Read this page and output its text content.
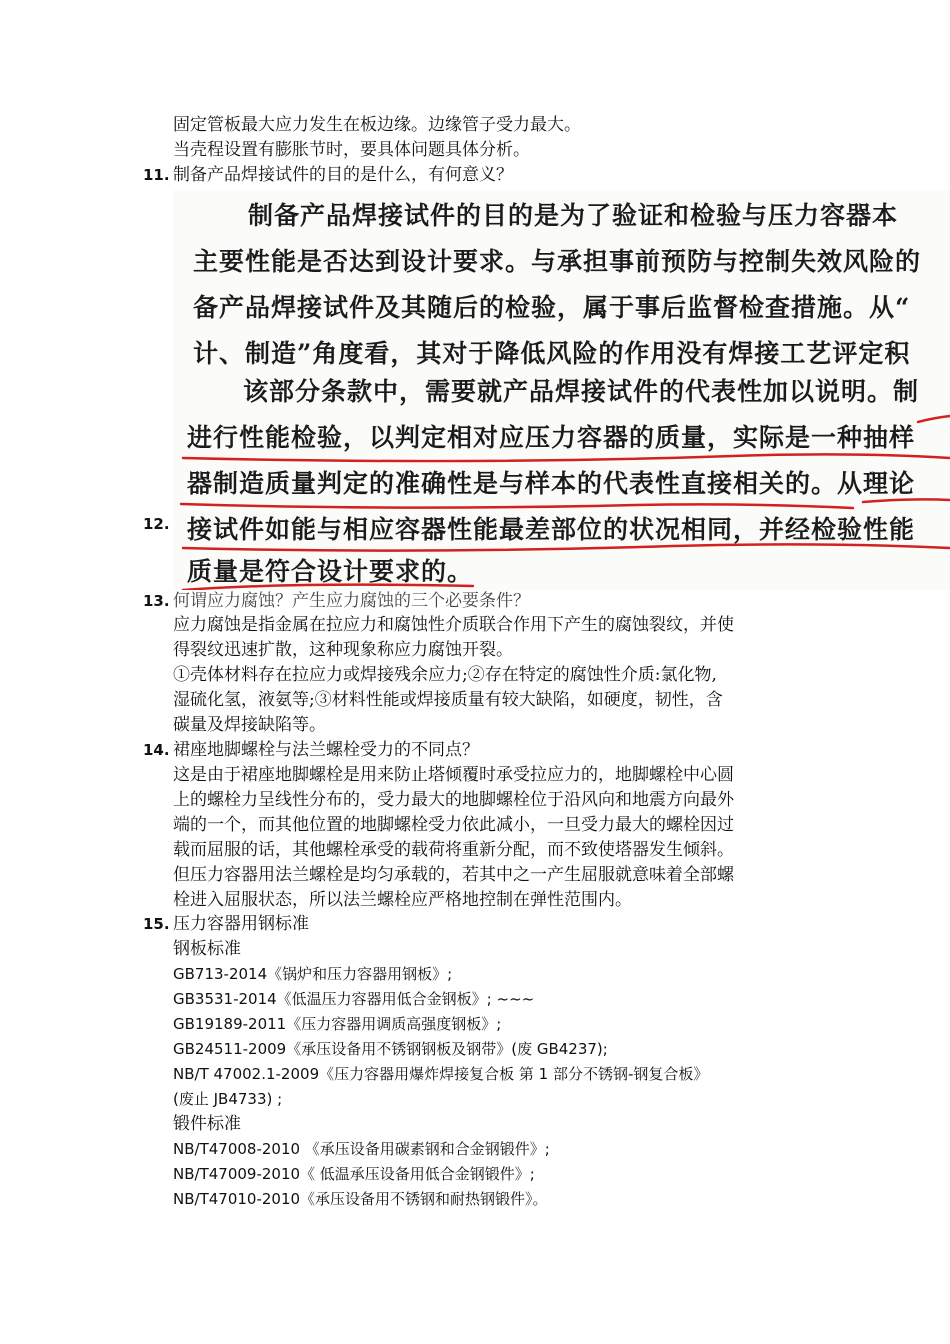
固定管板最大应力发生在板边缘。边缘管子受力最大。
当壳程设置有膨胀节时，要具体问题具体分析。
11. 制备产品焊接试件的目的是什么，有何意义？
制备产品焊接试件的目的是为了验证和检验与压力容器本
主要性能是否达到设计要求。与承担事前预防与控制失效风险的
备产品焊接试件及其随后的检验，属于事后监督检查措施。从“
计、制造”角度看，其对于降低风险的作用没有焊接工艺评定积
该部分条款中，需要就产品焊接试件的代表性加以说明。制
进行性能检验，以判定相对应压力容器的质量，实际是一种抽样
器制造质量判定的准确性是与样本的代表性直接相关的。从理论
接试件如能与相应容器性能最差部位的状况相同，并经检验性能
质量是符合设计要求的。
12.
13. 何谓应力腐蚀？产生应力腐蚀的三个必要条件？
应力腐蚀是指金属在拉应力和腐蚀性介质联合作用下产生的腐蚀裂纹，并使
得裂纹迅速扩散，这种现象称应力腐蚀开裂。
①壳体材料存在拉应力或焊接残余应力;②存在特定的腐蚀性介质:氯化物,
湿硫化氢，液氨等;③材料性能或焊接质量有较大缺陷，如硬度，韧性，含
碳量及焊接缺陷等。
14. 裙座地脚螺栓与法兰螺栓受力的不同点？
这是由于裙座地脚螺栓是用来防止塔倾覆时承受拉应力的，地脚螺栓中心圆
上的螺栓力呈线性分布的，受力最大的地脚螺栓位于沿风向和地震方向最外
端的一个，而其他位置的地脚螺栓受力依此减小，一旦受力最大的螺栓因过
载而屈服的话，其他螺栓承受的载荷将重新分配，而不致使塔器发生倾斜。
但压力容器用法兰螺栓是均匀承载的，若其中之一产生屈服就意味着全部螺
栓进入屈服状态，所以法兰螺栓应严格地控制在弹性范围内。
15. 压力容器用钢标准
钢板标准
GB713-2014《锅炉和压力容器用钢板》;
GB3531-2014《低温压力容器用低合金钢板》; ~~~
GB19189-2011《压力容器用调质高强度钢板》;
GB24511-2009《承压设备用不锈钢钢板及钢带》(废 GB4237);
NB/T 47002.1-2009《压力容器用爆炸焊接复合板 第 1 部分不锈钢-钢复合板》
(废止 JB4733) ;
锻件标准
NB/T47008-2010 《承压设备用碳素钢和合金钢锻件》;
NB/T47009-2010《 低温承压设备用低合金钢锻件》;
NB/T47010-2010《承压设备用不锈钢和耐热钢锻件》。
